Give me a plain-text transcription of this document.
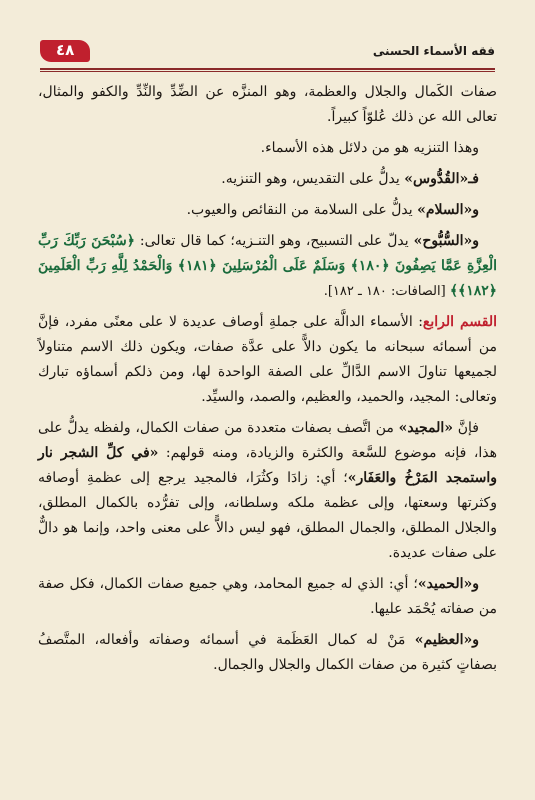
٤٨	فقه الأسماء الحسنى

صفات الكَمال والجلال والعظمة، وهو المنزَّه عن الضِّدِّ والنِّدِّ والكفو والمثال، تعالى الله عن ذلك عُلوّاً كبيراً.

وهذا التنزيه هو من دلائل هذه الأسماء.

فـ«القُدُّوس» يدلُّ على التقديس، وهو التنزيه.

و«السلام» يدلُّ على السلامة من النقائص والعيوب.

و«السُّبُّوح» يدلّ على التسبيح، وهو التنـزيه؛ كما قال تعالى: ﴿سُبْحَنَ رَبِّكَ رَبِّ الْعِزَّةِ عَمَّا يَصِفُونَ ﴿١٨٠﴾ وَسَلَمٌ عَلَى الْمُرْسَلِينَ ﴿١٨١﴾ وَالْحَمْدُ لِلَّهِ رَبِّ الْعَلَمِينَ ﴿١٨٢﴾﴾ [الصافات: ١٨٠ ـ ١٨٢].

القسم الرابع: الأسماء الدالَّة على جملةِ أوصاف عديدة لا على معنًى مفرد، فإنَّ من أسمائه سبحانه ما يكون دالاًّ على عدَّة صفات، ويكون ذلك الاسم متناولاً لجميعها تناولَ الاسم الدَّالِّ على الصفة الواحدة لها، ومن ذلكم أسماؤه تبارك وتعالى: المجيد، والحميد، والعظيم، والصمد، والسيِّد.

فإنَّ «المجيد» من اتَّصف بصفات متعددة من صفات الكمال، ولفظه يدلُّ على هذا، فإنه موضوع للسَّعة والكثرة والزيادة، ومنه قولهم: «في كلِّ الشجر نار واستمجد المَرْخُ والعَفَار»؛ أي: زادَا وكثُرَا، فالمجيد يرجع إلى عظمةِ أوصافه وكثرتها وسعتها، وإلى عظمة ملكه وسلطانه، وإلى تفرُّده بالكمال المطلق، والجلال المطلق، والجمال المطلق، فهو ليس دالاًّ على معنى واحد، وإنما هو دالٌّ على صفات عديدة.

و«الحميد»؛ أي: الذي له جميع المحامد، وهي جميع صفات الكمال، فكل صفة من صفاته يُحْمَد عليها.

و«العظيم» مَنْ له كمال العَظَمة في أسمائه وصفاته وأفعاله، المتَّصفُ بصفاتٍ كثيرة من صفات الكمال والجلال والجمال.
